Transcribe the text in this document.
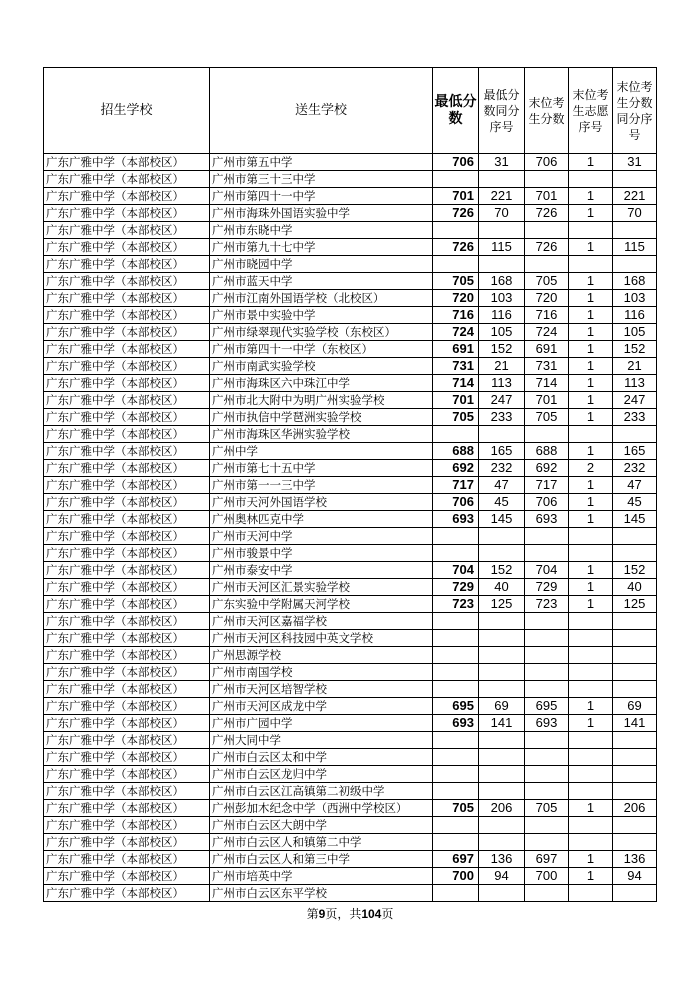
招生学校	送生学校	最低分数	最低分数同分序号	末位考生分数	末位考生志愿序号	末位考生分数同分序号
广东广雅中学（本部校区）	广州市第五中学	706	31	706	1	31
广东广雅中学（本部校区）	广州市第三十三中学					
广东广雅中学（本部校区）	广州市第四十一中学	701	221	701	1	221
广东广雅中学（本部校区）	广州市海珠外国语实验中学	726	70	726	1	70
广东广雅中学（本部校区）	广州市东晓中学					
广东广雅中学（本部校区）	广州市第九十七中学	726	115	726	1	115
广东广雅中学（本部校区）	广州市晓园中学					
广东广雅中学（本部校区）	广州市蓝天中学	705	168	705	1	168
广东广雅中学（本部校区）	广州市江南外国语学校（北校区）	720	103	720	1	103
广东广雅中学（本部校区）	广州市景中实验中学	716	116	716	1	116
广东广雅中学（本部校区）	广州市绿翠现代实验学校（东校区）	724	105	724	1	105
广东广雅中学（本部校区）	广州市第四十一中学（东校区）	691	152	691	1	152
广东广雅中学（本部校区）	广州市南武实验学校	731	21	731	1	21
广东广雅中学（本部校区）	广州市海珠区六中珠江中学	714	113	714	1	113
广东广雅中学（本部校区）	广州市北大附中为明广州实验学校	701	247	701	1	247
广东广雅中学（本部校区）	广州市执信中学琶洲实验学校	705	233	705	1	233
广东广雅中学（本部校区）	广州市海珠区华洲实验学校					
广东广雅中学（本部校区）	广州中学	688	165	688	1	165
广东广雅中学（本部校区）	广州市第七十五中学	692	232	692	2	232
广东广雅中学（本部校区）	广州市第一一三中学	717	47	717	1	47
广东广雅中学（本部校区）	广州市天河外国语学校	706	45	706	1	45
广东广雅中学（本部校区）	广州奥林匹克中学	693	145	693	1	145
广东广雅中学（本部校区）	广州市天河中学					
广东广雅中学（本部校区）	广州市骏景中学					
广东广雅中学（本部校区）	广州市泰安中学	704	152	704	1	152
广东广雅中学（本部校区）	广州市天河区汇景实验学校	729	40	729	1	40
广东广雅中学（本部校区）	广东实验中学附属天河学校	723	125	723	1	125
广东广雅中学（本部校区）	广州市天河区嘉福学校					
广东广雅中学（本部校区）	广州市天河区科技园中英文学校					
广东广雅中学（本部校区）	广州思源学校					
广东广雅中学（本部校区）	广州市南国学校					
广东广雅中学（本部校区）	广州市天河区培智学校					
广东广雅中学（本部校区）	广州市天河区成龙中学	695	69	695	1	69
广东广雅中学（本部校区）	广州市广园中学	693	141	693	1	141
广东广雅中学（本部校区）	广州大同中学					
广东广雅中学（本部校区）	广州市白云区太和中学					
广东广雅中学（本部校区）	广州市白云区龙归中学					
广东广雅中学（本部校区）	广州市白云区江高镇第二初级中学					
广东广雅中学（本部校区）	广州彭加木纪念中学（西洲中学校区）	705	206	705	1	206
广东广雅中学（本部校区）	广州市白云区大朗中学					
广东广雅中学（本部校区）	广州市白云区人和镇第二中学					
广东广雅中学（本部校区）	广州市白云区人和第三中学	697	136	697	1	136
广东广雅中学（本部校区）	广州市培英中学	700	94	700	1	94
广东广雅中学（本部校区）	广州市白云区东平学校					
第9页，共104页
